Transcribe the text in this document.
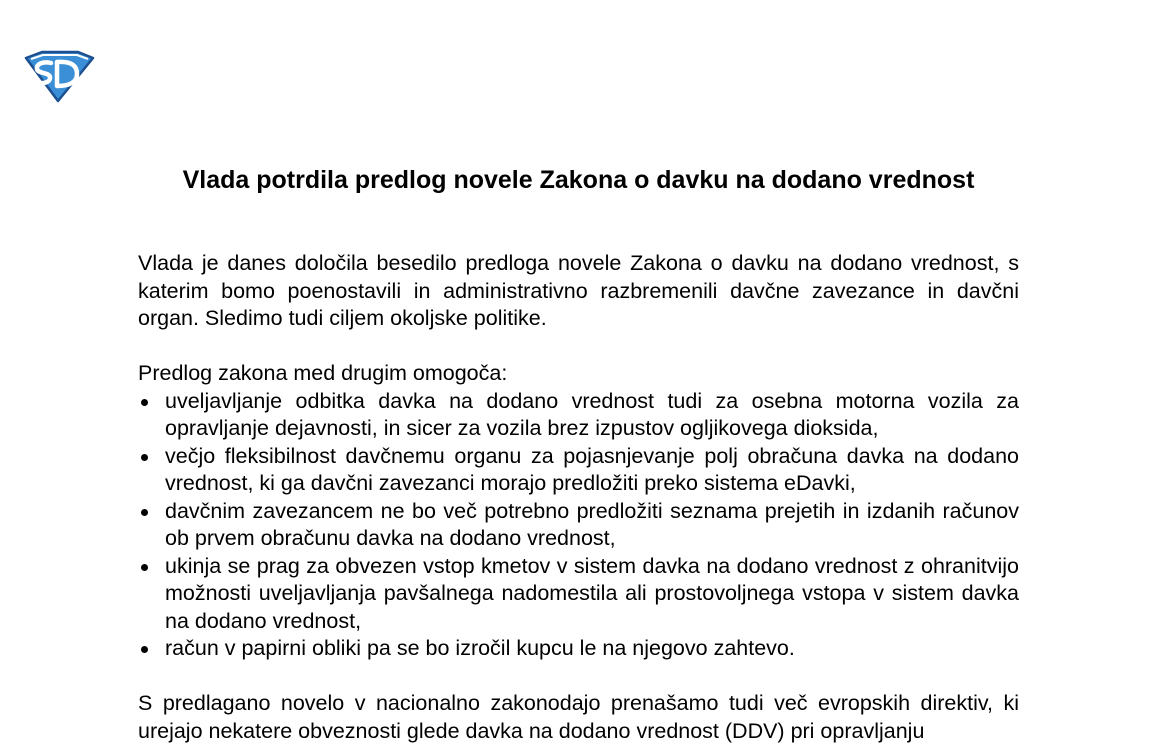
Vlada potrdila predlog novele Zakona o davku na dodano vrednost

Vlada je danes določila besedilo predloga novele Zakona o davku na dodano vrednost, s katerim bomo poenostavili in administrativno razbremenili davčne zavezance in davčni organ. Sledimo tudi ciljem okoljske politike.

Predlog zakona med drugim omogoča:

uveljavljanje odbitka davka na dodano vrednost tudi za osebna motorna vozila za opravljanje dejavnosti, in sicer za vozila brez izpustov ogljikovega dioksida,
večjo fleksibilnost davčnemu organu za pojasnjevanje polj obračuna davka na dodano vrednost, ki ga davčni zavezanci morajo predložiti preko sistema eDavki,
davčnim zavezancem ne bo več potrebno predložiti seznama prejetih in izdanih računov ob prvem obračunu davka na dodano vrednost,
ukinja se prag za obvezen vstop kmetov v sistem davka na dodano vrednost z ohranitvijo možnosti uveljavljanja pavšalnega nadomestila ali prostovoljnega vstopa v sistem davka na dodano vrednost,
račun v papirni obliki pa se bo izročil kupcu le na njegovo zahtevo.

S predlagano novelo v nacionalno zakonodajo prenašamo tudi več evropskih direktiv, ki urejajo nekatere obveznosti glede davka na dodano vrednost (DDV) pri opravljanju
